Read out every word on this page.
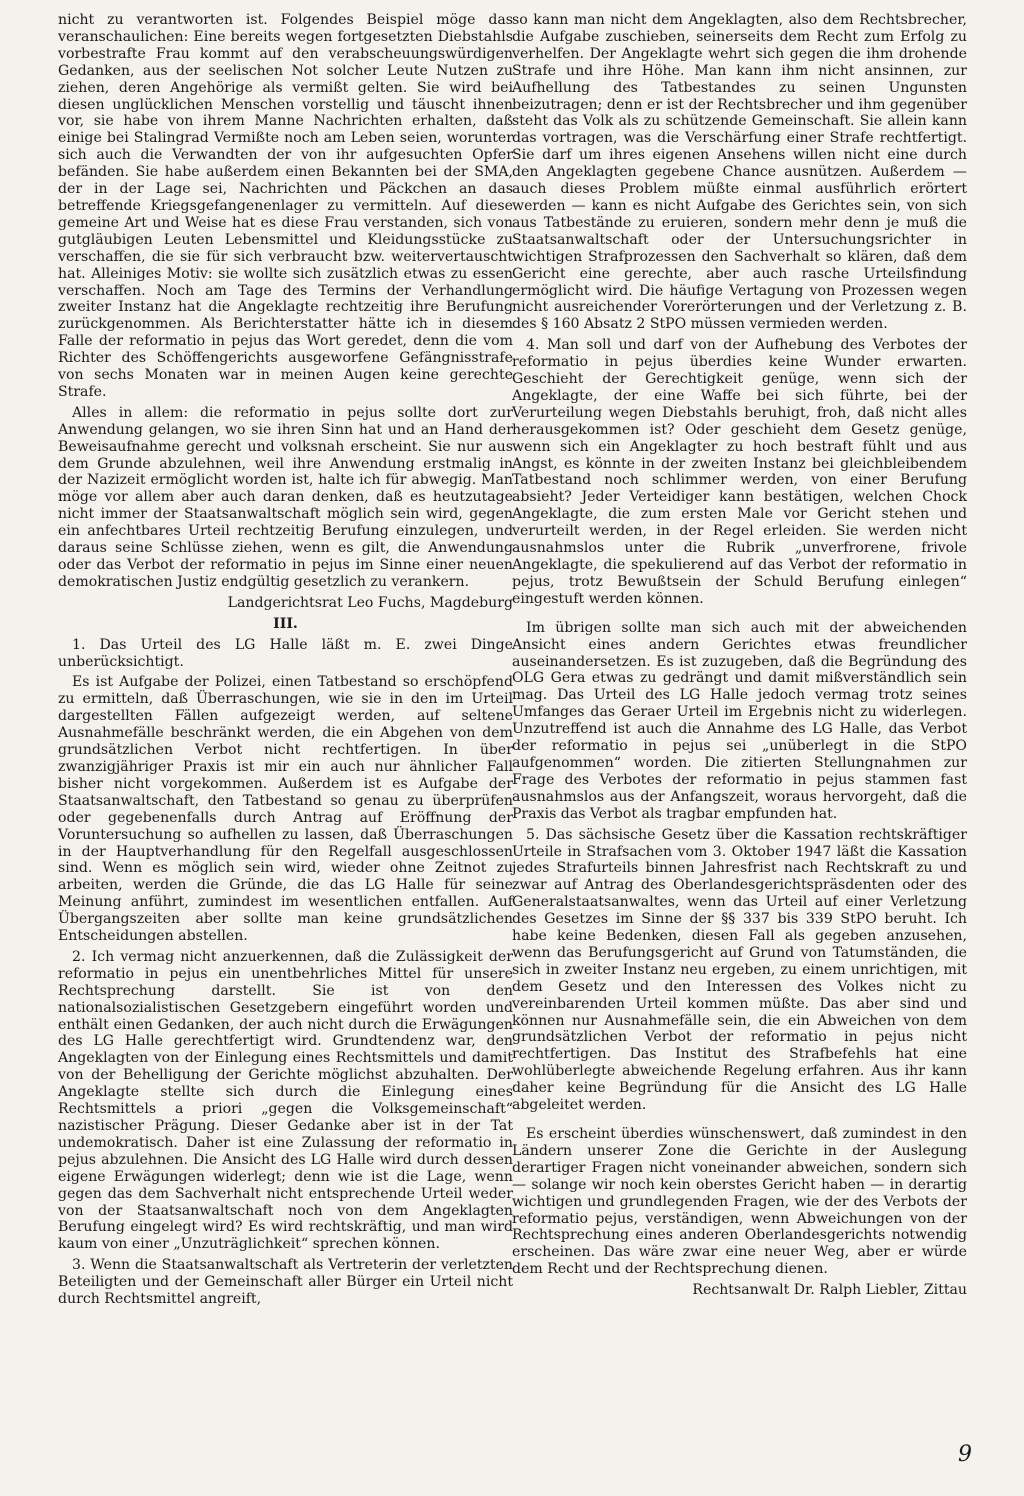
nicht zu verantworten ist. Folgendes Beispiel möge das veranschaulichen: Eine bereits wegen fortgesetzten Diebstahls vorbestrafte Frau kommt auf den verabscheuungswürdigen Gedanken, aus der seelischen Not solcher Leute Nutzen zu ziehen, deren Angehörige als vermißt gelten. Sie wird bei diesen unglücklichen Menschen vorstellig und täuscht ihnen vor, sie habe von ihrem Manne Nachrichten erhalten, daß einige bei Stalingrad Vermißte noch am Leben seien, worunter sich auch die Verwandten der von ihr aufgesuchten Opfer befänden. Sie habe außerdem einen Bekannten bei der SMA, der in der Lage sei, Nachrichten und Päckchen an das betreffende Kriegsgefangenenlager zu vermitteln. Auf diese gemeine Art und Weise hat es diese Frau verstanden, sich von gutgläubigen Leuten Lebensmittel und Kleidungsstücke zu verschaffen, die sie für sich verbraucht bzw. weitervertauscht hat. Alleiniges Motiv: sie wollte sich zusätzlich etwas zu essen verschaffen. Noch am Tage des Termins der Verhandlung zweiter Instanz hat die Angeklagte rechtzeitig ihre Berufung zurückgenommen. Als Berichterstatter hätte ich in diesem Falle der reformatio in pejus das Wort geredet, denn die vom Richter des Schöffengerichts ausgeworfene Gefängnisstrafe von sechs Monaten war in meinen Augen keine gerechte Strafe.

Alles in allem: die reformatio in pejus sollte dort zur Anwendung gelangen, wo sie ihren Sinn hat und an Hand der Beweisaufnahme gerecht und volksnah erscheint. Sie nur aus dem Grunde abzulehnen, weil ihre Anwendung erstmalig in der Nazizeit ermöglicht worden ist, halte ich für abwegig. Man möge vor allem aber auch daran denken, daß es heutzutage nicht immer der Staatsanwaltschaft möglich sein wird, gegen ein anfechtbares Urteil rechtzeitig Berufung einzulegen, und daraus seine Schlüsse ziehen, wenn es gilt, die Anwendung oder das Verbot der reformatio in pejus im Sinne einer neuen demokratischen Justiz endgültig gesetzlich zu verankern.

Landgerichtsrat Leo Fuchs, Magdeburg

III.

1. Das Urteil des LG Halle läßt m. E. zwei Dinge unberücksichtigt.

Es ist Aufgabe der Polizei, einen Tatbestand so erschöpfend zu ermitteln, daß Überraschungen, wie sie in den im Urteil dargestellten Fällen aufgezeigt werden, auf seltene Ausnahmefälle beschränkt werden, die ein Abgehen von dem grundsätzlichen Verbot nicht rechtfertigen. In über zwanzigjähriger Praxis ist mir ein auch nur ähnlicher Fall bisher nicht vorgekommen. Außerdem ist es Aufgabe der Staatsanwaltschaft, den Tatbestand so genau zu überprüfen oder gegebenenfalls durch Antrag auf Eröffnung der Voruntersuchung so aufhellen zu lassen, daß Überraschungen in der Hauptverhandlung für den Regelfall ausgeschlossen sind. Wenn es möglich sein wird, wieder ohne Zeitnot zu arbeiten, werden die Gründe, die das LG Halle für seine Meinung anführt, zumindest im wesentlichen entfallen. Auf Übergangszeiten aber sollte man keine grundsätzlichen Entscheidungen abstellen.

2. Ich vermag nicht anzuerkennen, daß die Zulässigkeit der reformatio in pejus ein unentbehrliches Mittel für unsere Rechtsprechung darstellt. Sie ist von den nationalsozialistischen Gesetzgebern eingeführt worden und enthält einen Gedanken, der auch nicht durch die Erwägungen des LG Halle gerechtfertigt wird. Grundtendenz war, den Angeklagten von der Einlegung eines Rechtsmittels und damit von der Behelligung der Gerichte möglichst abzuhalten. Der Angeklagte stellte sich durch die Einlegung eines Rechtsmittels a priori „gegen die Volksgemeinschaft“ nazistischer Prägung. Dieser Gedanke aber ist in der Tat undemokratisch. Daher ist eine Zulassung der reformatio in pejus abzulehnen. Die Ansicht des LG Halle wird durch dessen eigene Erwägungen widerlegt; denn wie ist die Lage, wenn gegen das dem Sachverhalt nicht entsprechende Urteil weder von der Staatsanwaltschaft noch von dem Angeklagten Berufung eingelegt wird? Es wird rechtskräftig, und man wird kaum von einer „Unzuträglichkeit“ sprechen können.

3. Wenn die Staatsanwaltschaft als Vertreterin der verletzten Beteiligten und der Gemeinschaft aller Bürger ein Urteil nicht durch Rechtsmittel angreift,

so kann man nicht dem Angeklagten, also dem Rechtsbrecher, die Aufgabe zuschieben, seinerseits dem Recht zum Erfolg zu verhelfen. Der Angeklagte wehrt sich gegen die ihm drohende Strafe und ihre Höhe. Man kann ihm nicht ansinnen, zur Aufhellung des Tatbestandes zu seinen Ungunsten beizutragen; denn er ist der Rechtsbrecher und ihm gegenüber steht das Volk als zu schützende Gemeinschaft. Sie allein kann das vortragen, was die Verschärfung einer Strafe rechtfertigt. Sie darf um ihres eigenen Ansehens willen nicht eine durch den Angeklagten gegebene Chance ausnützen. Außerdem — auch dieses Problem müßte einmal ausführlich erörtert werden — kann es nicht Aufgabe des Gerichtes sein, von sich aus Tatbestände zu eruieren, sondern mehr denn je muß die Staatsanwaltschaft oder der Untersuchungsrichter in wichtigen Strafprozessen den Sachverhalt so klären, daß dem Gericht eine gerechte, aber auch rasche Urteilsfindung ermöglicht wird. Die häufige Vertagung von Prozessen wegen nicht ausreichender Vorerörterungen und der Verletzung z. B. des § 160 Absatz 2 StPO müssen vermieden werden.

4. Man soll und darf von der Aufhebung des Verbotes der reformatio in pejus überdies keine Wunder erwarten. Geschieht der Gerechtigkeit genüge, wenn sich der Angeklagte, der eine Waffe bei sich führte, bei der Verurteilung wegen Diebstahls beruhigt, froh, daß nicht alles herausgekommen ist? Oder geschieht dem Gesetz genüge, wenn sich ein Angeklagter zu hoch bestraft fühlt und aus Angst, es könnte in der zweiten Instanz bei gleichbleibendem Tatbestand noch schlimmer werden, von einer Berufung absieht? Jeder Verteidiger kann bestätigen, welchen Chock Angeklagte, die zum ersten Male vor Gericht stehen und verurteilt werden, in der Regel erleiden. Sie werden nicht ausnahmslos unter die Rubrik „unverfrorene, frivole Angeklagte, die spekulierend auf das Verbot der reformatio in pejus, trotz Bewußtsein der Schuld Berufung einlegen“ eingestuft werden können.

Im übrigen sollte man sich auch mit der abweichenden Ansicht eines andern Gerichtes etwas freundlicher auseinandersetzen. Es ist zuzugeben, daß die Begründung des OLG Gera etwas zu gedrängt und damit mißverständlich sein mag. Das Urteil des LG Halle jedoch vermag trotz seines Umfanges das Geraer Urteil im Ergebnis nicht zu widerlegen. Unzutreffend ist auch die Annahme des LG Halle, das Verbot der reformatio in pejus sei „unüberlegt in die StPO aufgenommen“ worden. Die zitierten Stellungnahmen zur Frage des Verbotes der reformatio in pejus stammen fast ausnahmslos aus der Anfangszeit, woraus hervorgeht, daß die Praxis das Verbot als tragbar empfunden hat.

5. Das sächsische Gesetz über die Kassation rechtskräftiger Urteile in Strafsachen vom 3. Oktober 1947 läßt die Kassation jedes Strafurteils binnen Jahresfrist nach Rechtskraft zu und zwar auf Antrag des Oberlandesgerichtspräsdenten oder des Generalstaatsanwaltes, wenn das Urteil auf einer Verletzung des Gesetzes im Sinne der §§ 337 bis 339 StPO beruht. Ich habe keine Bedenken, diesen Fall als gegeben anzusehen, wenn das Berufungsgericht auf Grund von Tatumständen, die sich in zweiter Instanz neu ergeben, zu einem unrichtigen, mit dem Gesetz und den Interessen des Volkes nicht zu vereinbarenden Urteil kommen müßte. Das aber sind und können nur Ausnahmefälle sein, die ein Abweichen von dem grundsätzlichen Verbot der reformatio in pejus nicht rechtfertigen. Das Institut des Strafbefehls hat eine wohlüberlegte abweichende Regelung erfahren. Aus ihr kann daher keine Begründung für die Ansicht des LG Halle abgeleitet werden.

Es erscheint überdies wünschenswert, daß zumindest in den Ländern unserer Zone die Gerichte in der Auslegung derartiger Fragen nicht voneinander abweichen, sondern sich — solange wir noch kein oberstes Gericht haben — in derartig wichtigen und grundlegenden Fragen, wie der des Verbots der reformatio pejus, verständigen, wenn Abweichungen von der Rechtsprechung eines anderen Oberlandesgerichts notwendig erscheinen. Das wäre zwar eine neuer Weg, aber er würde dem Recht und der Rechtsprechung dienen.

Rechtsanwalt Dr. Ralph Liebler, Zittau

9
